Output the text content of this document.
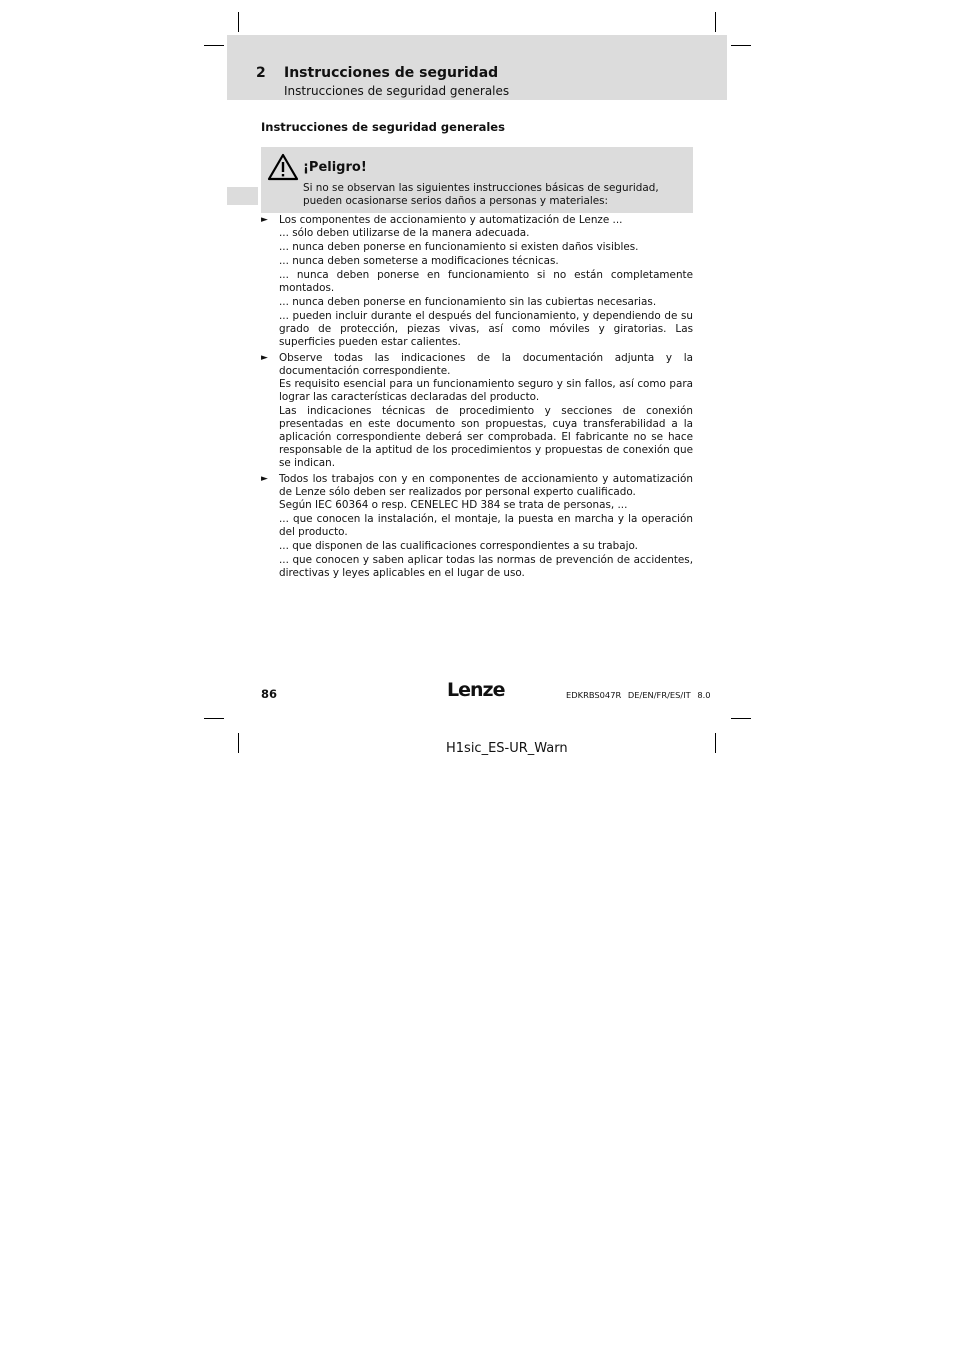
2 Instrucciones de seguridad
Instrucciones de seguridad generales
Instrucciones de seguridad generales
¡Peligro!
Si no se observan las siguientes instrucciones básicas de seguridad, pueden ocasionarse serios daños a personas y materiales:
► Los componentes de accionamiento y automatización de Lenze ...

... sólo deben utilizarse de la manera adecuada.

... nunca deben ponerse en funcionamiento si existen daños visibles.

... nunca deben someterse a modificaciones técnicas.

... nunca deben ponerse en funcionamiento si no están completamente montados.

... nunca deben ponerse en funcionamiento sin las cubiertas necesarias.

... pueden incluir durante el después del funcionamiento, y dependiendo de su grado de protección, piezas vivas, así como móviles y giratorias. Las superficies pueden estar calientes.

► Observe todas las indicaciones de la documentación adjunta y la documentación correspondiente.

Es requisito esencial para un funcionamiento seguro y sin fallos, así como para lograr las características declaradas del producto.

Las indicaciones técnicas de procedimiento y secciones de conexión presentadas en este documento son propuestas, cuya transferabilidad a la aplicación correspondiente deberá ser comprobada. El fabricante no se hace responsable de la aptitud de los procedimientos y propuestas de conexión que se indican.

► Todos los trabajos con y en componentes de accionamiento y automatización de Lenze sólo deben ser realizados por personal experto cualificado.

Según IEC 60364 o resp. CENELEC HD 384 se trata de personas, ...

... que conocen la instalación, el montaje, la puesta en marcha y la operación del producto.

... que disponen de las cualificaciones correspondientes a su trabajo.

... que conocen y saben aplicar todas las normas de prevención de accidentes, directivas y leyes aplicables en el lugar de uso.

86	Lenze	EDKRBS047R DE/EN/FR/ES/IT 8.0
H1sic_ES-UR_Warn
